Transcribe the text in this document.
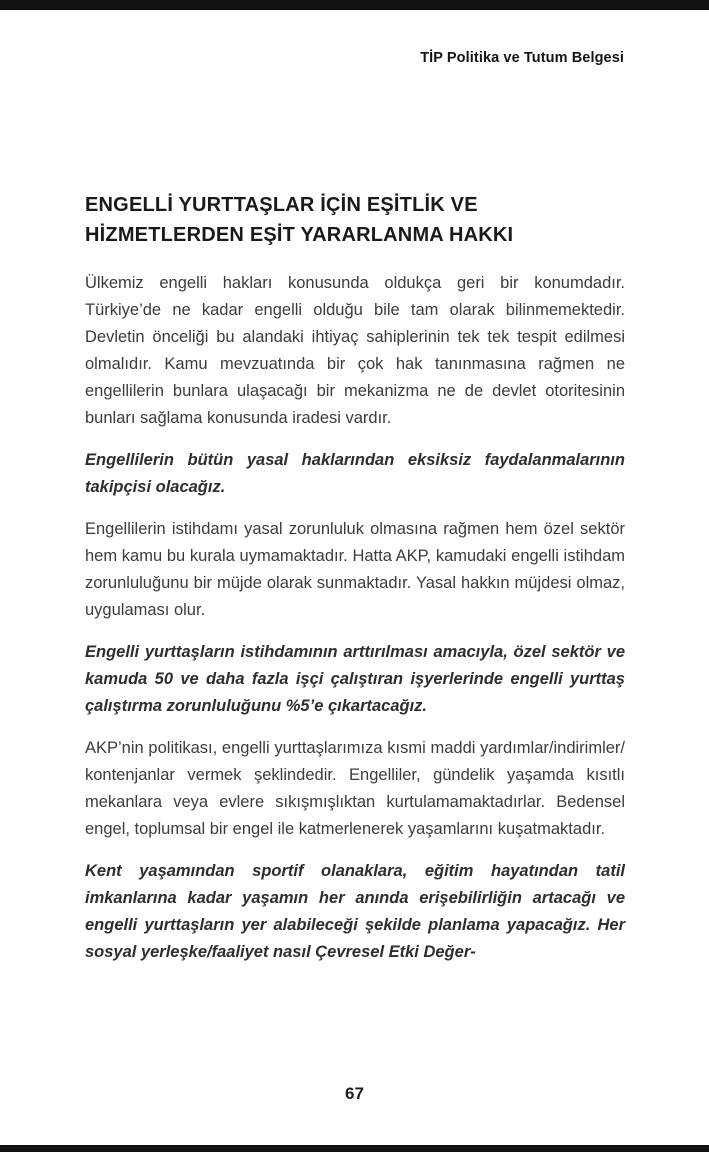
TİP Politika ve Tutum Belgesi
ENGELLİ YURTTAŞLAR İÇİN EŞİTLİK VE
HİZMETLERDEN EŞİT YARARLANMA HAKKI

Ülkemiz engelli hakları konusunda oldukça geri bir konumdadır. Türkiye’de ne kadar engelli olduğu bile tam olarak bilinmemektedir. Devletin önceliği bu alandaki ihtiyaç sahiplerinin tek tek tespit edilmesi olmalıdır. Kamu mevzuatında bir çok hak tanınmasına rağmen ne engellilerin bunlara ulaşacağı bir mekanizma ne de devlet otoritesinin bunları sağlama konusunda iradesi vardır.

Engellilerin bütün yasal haklarından eksiksiz faydalanmalarının takipçisi olacağız.

Engellilerin istihdamı yasal zorunluluk olmasına rağmen hem özel sektör hem kamu bu kurala uymamaktadır. Hatta AKP, kamudaki engelli istihdam zorunluluğunu bir müjde olarak sunmaktadır. Yasal hakkın müjdesi olmaz, uygulaması olur.

Engelli yurttaşların istihdamının arttırılması amacıyla, özel sektör ve kamuda 50 ve daha fazla işçi çalıştıran işyerlerinde engelli yurttaş çalıştırma zorunluluğunu %5’e çıkartacağız.

AKP’nin politikası, engelli yurttaşlarımıza kısmi maddi yardımlar/indirimler/ kontenjanlar vermek şeklindedir. Engelliler, gündelik yaşamda kısıtlı mekanlara veya evlere sıkışmışlıktan kurtulamamaktadırlar. Bedensel engel, toplumsal bir engel ile katmerlenerek yaşamlarını kuşatmaktadır.

Kent yaşamından sportif olanaklara, eğitim hayatından tatil imkanlarına kadar yaşamın her anında erişebilirliğin artacağı ve engelli yurttaşların yer alabileceği şekilde planlama yapacağız. Her sosyal yerleşke/faaliyet nasıl Çevresel Etki Değer-

67
